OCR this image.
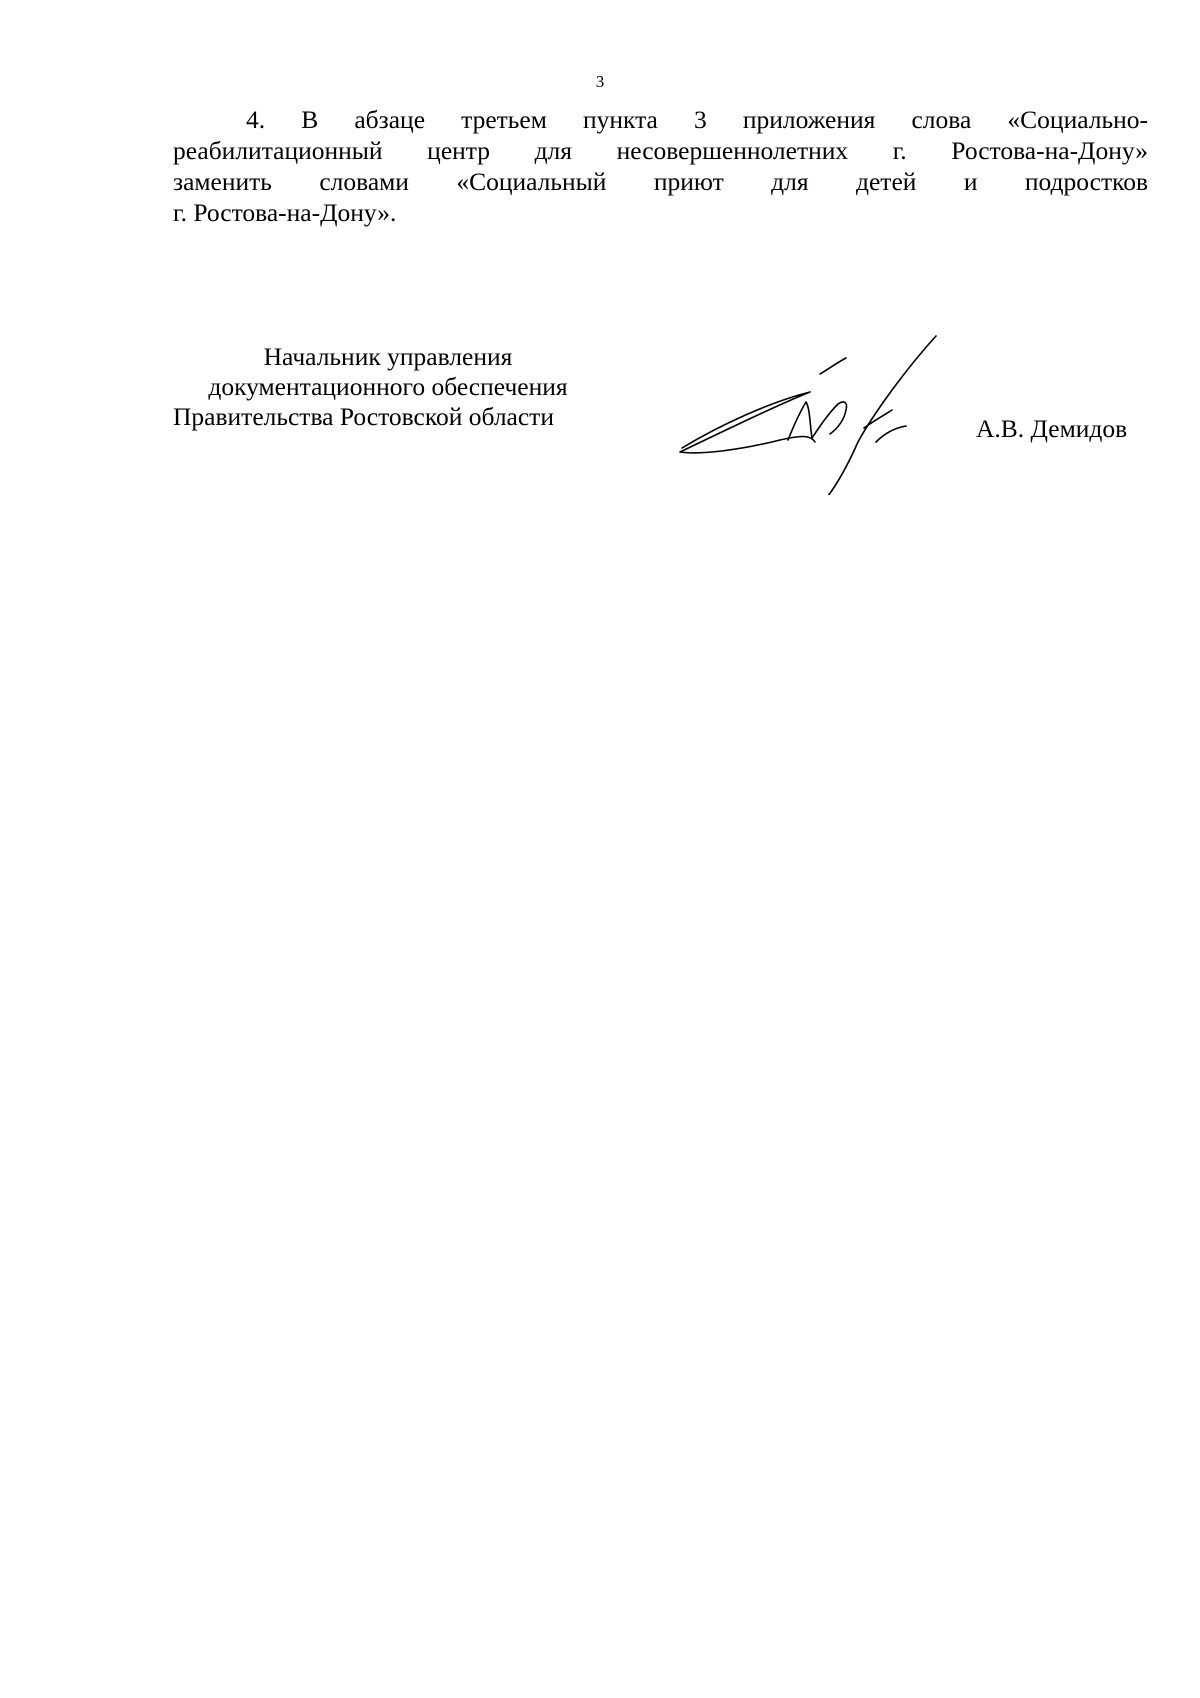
3
4. В абзаце третьем пункта 3 приложения слова «Социально-
реабилитационный центр для несовершеннолетних г. Ростова-на-Дону»
заменить словами «Социальный приют для детей и подростков
г. Ростова-на-Дону».
Начальник управления
документационного обеспечения
Правительства Ростовской области	А.В. Демидов
